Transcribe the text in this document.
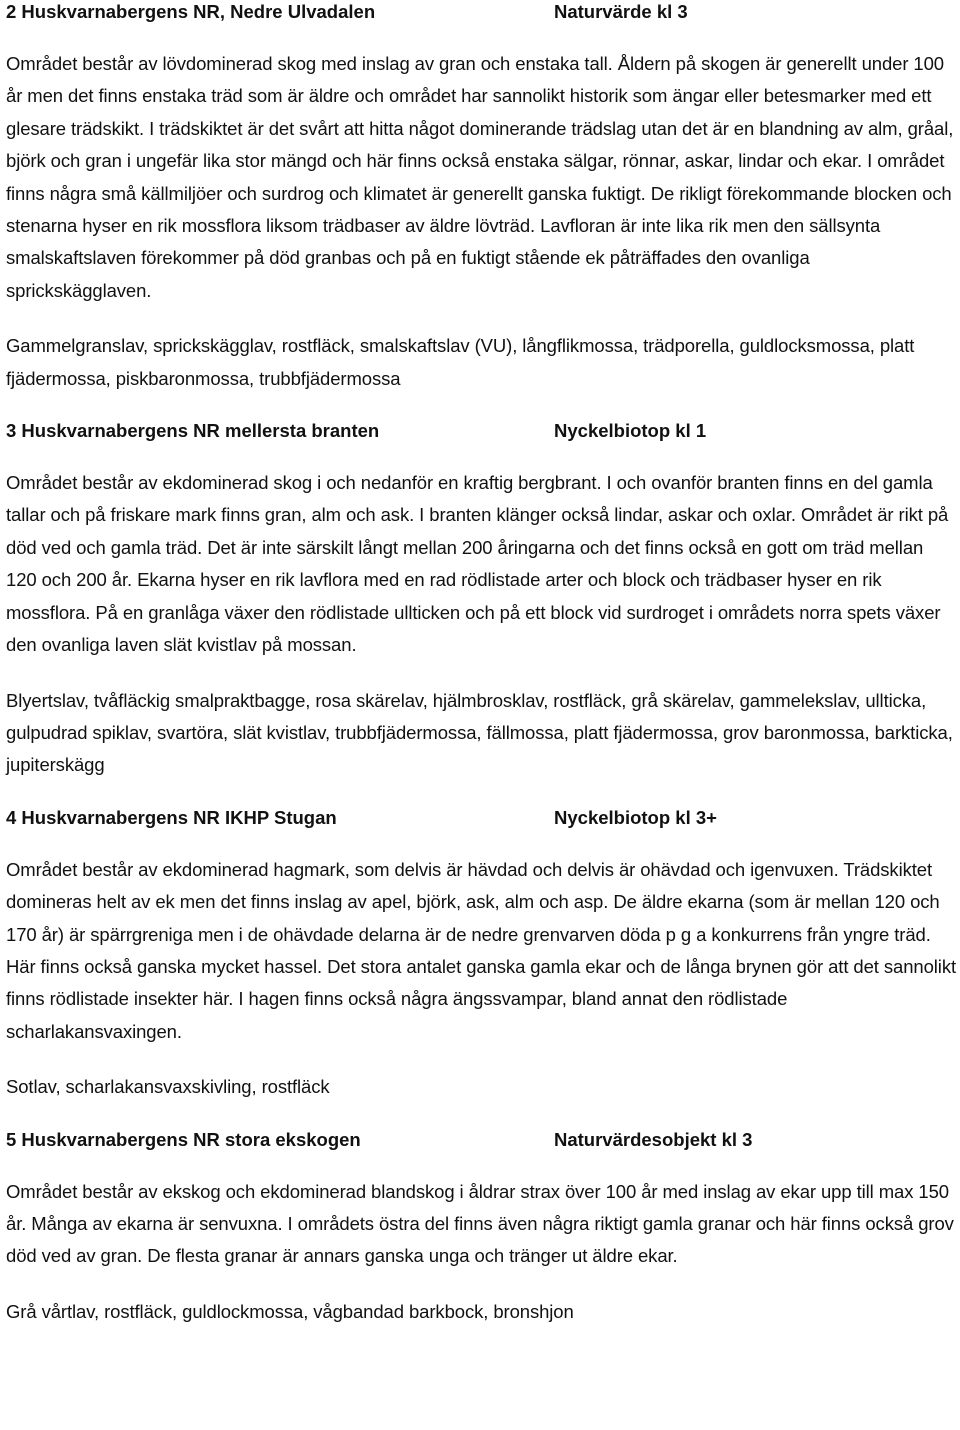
2 Huskvarnabergens NR, Nedre Ulvadalen	Naturvärde kl 3

Området består av lövdominerad skog med inslag av gran och enstaka tall. Åldern på skogen är generellt under 100 år men det finns enstaka träd som är äldre och området har sannolikt historik som ängar eller betesmarker med ett glesare trädskikt. I trädskiktet är det svårt att hitta något dominerande trädslag utan det är en blandning av alm, gråal, björk och gran i ungefär lika stor mängd och här finns också enstaka sälgar, rönnar, askar, lindar och ekar. I området finns några små källmiljöer och surdrog och klimatet är generellt ganska fuktigt. De rikligt förekommande blocken och stenarna hyser en rik mossflora liksom trädbaser av äldre lövträd. Lavfloran är inte lika rik men den sällsynta smalskaftslaven förekommer på död granbas och på en fuktigt stående ek påträffades den ovanliga sprickskägglaven.

Gammelgranslav, sprickskägglav, rostfläck, smalskaftslav (VU), långflikmossa, trädporella, guldlocksmossa, platt fjädermossa, piskbaronmossa, trubbfjädermossa

3 Huskvarnabergens NR mellersta branten	Nyckelbiotop kl 1

Området består av ekdominerad skog i och nedanför en kraftig bergbrant. I och ovanför branten finns en del gamla tallar och på friskare mark finns gran, alm och ask. I branten klänger också lindar, askar och oxlar. Området är rikt på död ved och gamla träd. Det är inte särskilt långt mellan 200 åringarna och det finns också en gott om träd mellan 120 och 200 år. Ekarna hyser en rik lavflora med en rad rödlistade arter och block och trädbaser hyser en rik mossflora. På en granlåga växer den rödlistade ullticken och på ett block vid surdroget i områdets norra spets växer den ovanliga laven slät kvistlav på mossan.

Blyertslav, tvåfläckig smalpraktbagge, rosa skärelav, hjälmbrosklav, rostfläck, grå skärelav, gammelekslav, ullticka, gulpudrad spiklav, svartöra, slät kvistlav, trubbfjädermossa, fällmossa, platt fjädermossa, grov baronmossa, barkticka, jupiterskägg

4 Huskvarnabergens NR IKHP Stugan	Nyckelbiotop kl 3+

Området består av ekdominerad hagmark, som delvis är hävdad och delvis är ohävdad och igenvuxen. Trädskiktet domineras helt av ek men det finns inslag av apel, björk, ask, alm och asp. De äldre ekarna (som är mellan 120 och 170 år) är spärrgreniga men i de ohävdade delarna är de nedre grenvarven döda p g a konkurrens från yngre träd. Här finns också ganska mycket hassel. Det stora antalet ganska gamla ekar och de långa brynen gör att det sannolikt finns rödlistade insekter här. I hagen finns också några ängssvampar, bland annat den rödlistade scharlakansvaxingen.

Sotlav, scharlakansvaxskivling, rostfläck

5 Huskvarnabergens NR stora ekskogen	Naturvärdesobjekt kl 3

Området består av ekskog och ekdominerad blandskog i åldrar strax över 100 år med inslag av ekar upp till max 150 år. Många av ekarna är senvuxna. I områdets östra del finns även några riktigt gamla granar och här finns också grov död ved av gran. De flesta granar är annars ganska unga och tränger ut äldre ekar.

Grå vårtlav, rostfläck, guldlockmossa, vågbandad barkbock, bronshjon
